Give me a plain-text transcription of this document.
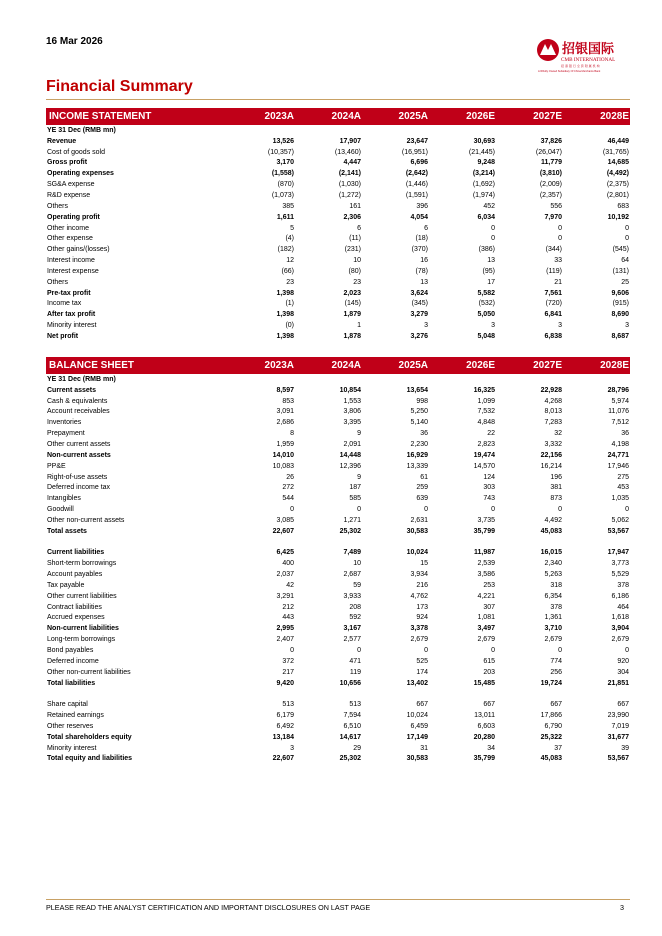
16 Mar 2026
招银国际
CMB INTERNATIONAL
招 商 银 行 全 资 附 属 机 构
A Wholly Owned Subsidiary Of China Merchants Bank
Financial Summary
INCOME STATEMENT	2023A	2024A	2025A	2026E	2027E	2028E
YE 31 Dec (RMB mn)
Revenue	13,526	17,907	23,647	30,693	37,826	46,449
Cost of goods sold	(10,357)	(13,460)	(16,951)	(21,445)	(26,047)	(31,765)
Gross profit	3,170	4,447	6,696	9,248	11,779	14,685
Operating expenses	(1,558)	(2,141)	(2,642)	(3,214)	(3,810)	(4,492)
SG&A expense	(870)	(1,030)	(1,446)	(1,692)	(2,009)	(2,375)
R&D expense	(1,073)	(1,272)	(1,591)	(1,974)	(2,357)	(2,801)
Others	385	161	396	452	556	683
Operating profit	1,611	2,306	4,054	6,034	7,970	10,192
Other income	5	6	6	0	0	0
Other expense	(4)	(11)	(18)	0	0	0
Other gains/(losses)	(182)	(231)	(370)	(386)	(344)	(545)
Interest income	12	10	16	13	33	64
Interest expense	(66)	(80)	(78)	(95)	(119)	(131)
Others	23	23	13	17	21	25
Pre-tax profit	1,398	2,023	3,624	5,582	7,561	9,606
Income tax	(1)	(145)	(345)	(532)	(720)	(915)
After tax profit	1,398	1,879	3,279	5,050	6,841	8,690
Minority interest	(0)	1	3	3	3	3
Net profit	1,398	1,878	3,276	5,048	6,838	8,687
BALANCE SHEET	2023A	2024A	2025A	2026E	2027E	2028E
YE 31 Dec (RMB mn)
Current assets	8,597	10,854	13,654	16,325	22,928	28,796
Cash & equivalents	853	1,553	998	1,099	4,268	5,974
Account receivables	3,091	3,806	5,250	7,532	8,013	11,076
Inventories	2,686	3,395	5,140	4,848	7,283	7,512
Prepayment	8	9	36	22	32	36
Other current assets	1,959	2,091	2,230	2,823	3,332	4,198
Non-current assets	14,010	14,448	16,929	19,474	22,156	24,771
PP&E	10,083	12,396	13,339	14,570	16,214	17,946
Right-of-use assets	26	9	61	124	196	275
Deferred income tax	272	187	259	303	381	453
Intangibles	544	585	639	743	873	1,035
Goodwill	0	0	0	0	0	0
Other non-current assets	3,085	1,271	2,631	3,735	4,492	5,062
Total assets	22,607	25,302	30,583	35,799	45,083	53,567
Current liabilities	6,425	7,489	10,024	11,987	16,015	17,947
Short-term borrowings	400	10	15	2,539	2,340	3,773
Account payables	2,037	2,687	3,934	3,586	5,263	5,529
Tax payable	42	59	216	253	318	378
Other current liabilities	3,291	3,933	4,762	4,221	6,354	6,186
Contract liabilities	212	208	173	307	378	464
Accrued expenses	443	592	924	1,081	1,361	1,618
Non-current liabilities	2,995	3,167	3,378	3,497	3,710	3,904
Long-term borrowings	2,407	2,577	2,679	2,679	2,679	2,679
Bond payables	0	0	0	0	0	0
Deferred income	372	471	525	615	774	920
Other non-current liabilities	217	119	174	203	256	304
Total liabilities	9,420	10,656	13,402	15,485	19,724	21,851
Share capital	513	513	667	667	667	667
Retained earnings	6,179	7,594	10,024	13,011	17,866	23,990
Other reserves	6,492	6,510	6,459	6,603	6,790	7,019
Total shareholders equity	13,184	14,617	17,149	20,280	25,322	31,677
Minority interest	3	29	31	34	37	39
Total equity and liabilities	22,607	25,302	30,583	35,799	45,083	53,567
PLEASE READ THE ANALYST CERTIFICATION AND IMPORTANT DISCLOSURES ON LAST PAGE	3
